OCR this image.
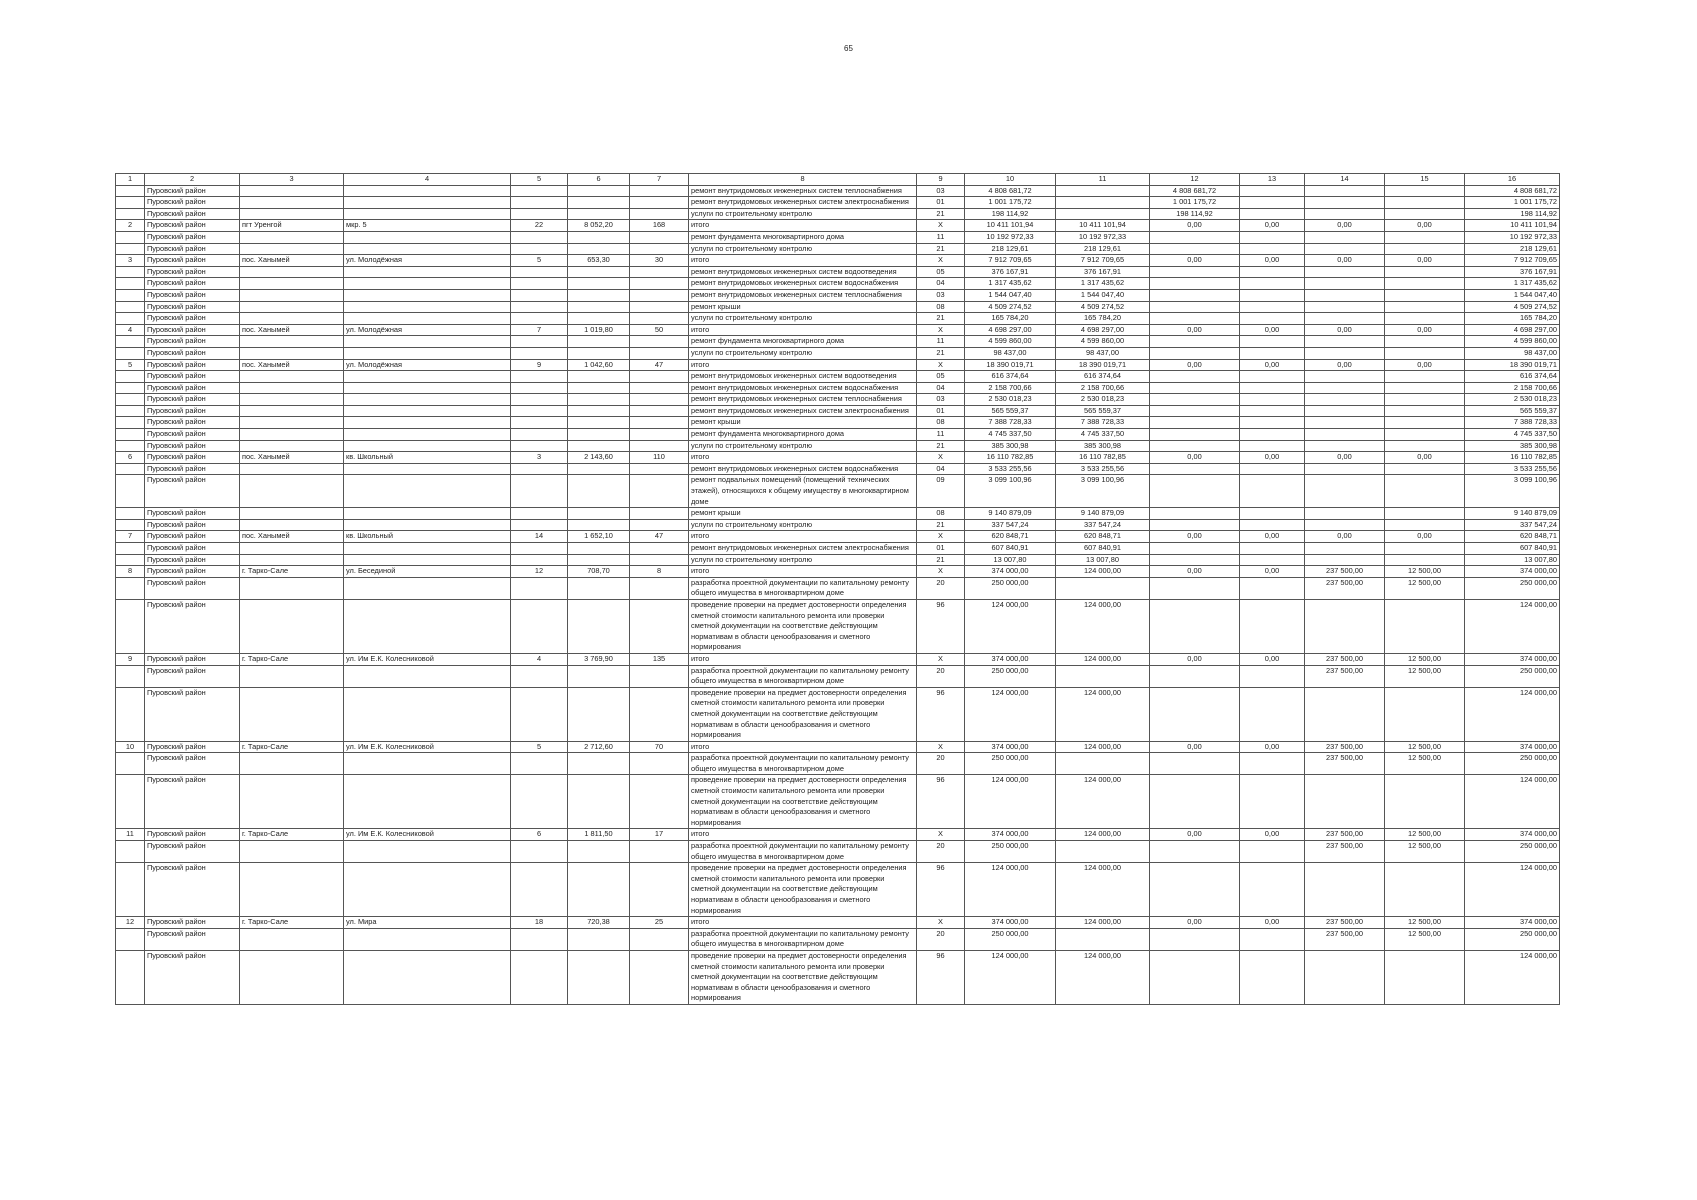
65
1	2	3	4	5	6	7	8	9	10	11	12	13	14	15	16
	Пуровский район						ремонт внутридомовых инженерных систем теплоснабжения	03	4 808 681,72		4 808 681,72				4 808 681,72
	Пуровский район						ремонт внутридомовых инженерных систем электроснабжения	01	1 001 175,72		1 001 175,72				1 001 175,72
	Пуровский район						услуги по строительному контролю	21	198 114,92		198 114,92				198 114,92
2	Пуровский район	пгт Уренгой	мкр. 5	22	8 052,20	168	итого	X	10 411 101,94	10 411 101,94	0,00	0,00	0,00	0,00	10 411 101,94
	Пуровский район						ремонт фундамента многоквартирного дома	11	10 192 972,33	10 192 972,33					10 192 972,33
	Пуровский район						услуги по строительному контролю	21	218 129,61	218 129,61					218 129,61
3	Пуровский район	пос. Ханымей	ул. Молодёжная	5	653,30	30	итого	X	7 912 709,65	7 912 709,65	0,00	0,00	0,00	0,00	7 912 709,65
	Пуровский район						ремонт внутридомовых инженерных систем водоотведения	05	376 167,91	376 167,91					376 167,91
	Пуровский район						ремонт внутридомовых инженерных систем водоснабжения	04	1 317 435,62	1 317 435,62					1 317 435,62
	Пуровский район						ремонт внутридомовых инженерных систем теплоснабжения	03	1 544 047,40	1 544 047,40					1 544 047,40
	Пуровский район						ремонт крыши	08	4 509 274,52	4 509 274,52					4 509 274,52
	Пуровский район						услуги по строительному контролю	21	165 784,20	165 784,20					165 784,20
4	Пуровский район	пос. Ханымей	ул. Молодёжная	7	1 019,80	50	итого	X	4 698 297,00	4 698 297,00	0,00	0,00	0,00	0,00	4 698 297,00
	Пуровский район						ремонт фундамента многоквартирного дома	11	4 599 860,00	4 599 860,00					4 599 860,00
	Пуровский район						услуги по строительному контролю	21	98 437,00	98 437,00					98 437,00
5	Пуровский район	пос. Ханымей	ул. Молодёжная	9	1 042,60	47	итого	X	18 390 019,71	18 390 019,71	0,00	0,00	0,00	0,00	18 390 019,71
	Пуровский район						ремонт внутридомовых инженерных систем водоотведения	05	616 374,64	616 374,64					616 374,64
	Пуровский район						ремонт внутридомовых инженерных систем водоснабжения	04	2 158 700,66	2 158 700,66					2 158 700,66
	Пуровский район						ремонт внутридомовых инженерных систем теплоснабжения	03	2 530 018,23	2 530 018,23					2 530 018,23
	Пуровский район						ремонт внутридомовых инженерных систем электроснабжения	01	565 559,37	565 559,37					565 559,37
	Пуровский район						ремонт крыши	08	7 388 728,33	7 388 728,33					7 388 728,33
	Пуровский район						ремонт фундамента многоквартирного дома	11	4 745 337,50	4 745 337,50					4 745 337,50
	Пуровский район						услуги по строительному контролю	21	385 300,98	385 300,98					385 300,98
6	Пуровский район	пос. Ханымей	кв. Школьный	3	2 143,60	110	итого	X	16 110 782,85	16 110 782,85	0,00	0,00	0,00	0,00	16 110 782,85
	Пуровский район						ремонт внутридомовых инженерных систем водоснабжения	04	3 533 255,56	3 533 255,56					3 533 255,56
	Пуровский район						ремонт подвальных помещений (помещений технических этажей), относящихся к общему имуществу в многоквартирном доме	09	3 099 100,96	3 099 100,96					3 099 100,96
	Пуровский район						ремонт крыши	08	9 140 879,09	9 140 879,09					9 140 879,09
	Пуровский район						услуги по строительному контролю	21	337 547,24	337 547,24					337 547,24
7	Пуровский район	пос. Ханымей	кв. Школьный	14	1 652,10	47	итого	X	620 848,71	620 848,71	0,00	0,00	0,00	0,00	620 848,71
	Пуровский район						ремонт внутридомовых инженерных систем электроснабжения	01	607 840,91	607 840,91					607 840,91
	Пуровский район						услуги по строительному контролю	21	13 007,80	13 007,80					13 007,80
8	Пуровский район	г. Тарко-Сале	ул. Бесединой	12	708,70	8	итого	X	374 000,00	124 000,00	0,00	0,00	237 500,00	12 500,00	374 000,00
	Пуровский район						разработка проектной документации по капитальному ремонту общего имущества в многоквартирном доме	20	250 000,00				237 500,00	12 500,00	250 000,00
	Пуровский район						проведение проверки на предмет достоверности определения сметной стоимости капитального ремонта или проверки сметной документации на соответствие действующим нормативам в области ценообразования и сметного нормирования	96	124 000,00	124 000,00					124 000,00
9	Пуровский район	г. Тарко-Сале	ул. Им Е.К. Колесниковой	4	3 769,90	135	итого	X	374 000,00	124 000,00	0,00	0,00	237 500,00	12 500,00	374 000,00
	Пуровский район						разработка проектной документации по капитальному ремонту общего имущества в многоквартирном доме	20	250 000,00				237 500,00	12 500,00	250 000,00
	Пуровский район						проведение проверки на предмет достоверности определения сметной стоимости капитального ремонта или проверки сметной документации на соответствие действующим нормативам в области ценообразования и сметного нормирования	96	124 000,00	124 000,00					124 000,00
10	Пуровский район	г. Тарко-Сале	ул. Им Е.К. Колесниковой	5	2 712,60	70	итого	X	374 000,00	124 000,00	0,00	0,00	237 500,00	12 500,00	374 000,00
	Пуровский район						разработка проектной документации по капитальному ремонту общего имущества в многоквартирном доме	20	250 000,00				237 500,00	12 500,00	250 000,00
	Пуровский район						проведение проверки на предмет достоверности определения сметной стоимости капитального ремонта или проверки сметной документации на соответствие действующим нормативам в области ценообразования и сметного нормирования	96	124 000,00	124 000,00					124 000,00
11	Пуровский район	г. Тарко-Сале	ул. Им Е.К. Колесниковой	6	1 811,50	17	итого	X	374 000,00	124 000,00	0,00	0,00	237 500,00	12 500,00	374 000,00
	Пуровский район						разработка проектной документации по капитальному ремонту общего имущества в многоквартирном доме	20	250 000,00				237 500,00	12 500,00	250 000,00
	Пуровский район						проведение проверки на предмет достоверности определения сметной стоимости капитального ремонта или проверки сметной документации на соответствие действующим нормативам в области ценообразования и сметного нормирования	96	124 000,00	124 000,00					124 000,00
12	Пуровский район	г. Тарко-Сале	ул. Мира	18	720,38	25	итого	X	374 000,00	124 000,00	0,00	0,00	237 500,00	12 500,00	374 000,00
	Пуровский район						разработка проектной документации по капитальному ремонту общего имущества в многоквартирном доме	20	250 000,00				237 500,00	12 500,00	250 000,00
	Пуровский район						проведение проверки на предмет достоверности определения сметной стоимости капитального ремонта или проверки сметной документации на соответствие действующим нормативам в области ценообразования и сметного нормирования	96	124 000,00	124 000,00					124 000,00
